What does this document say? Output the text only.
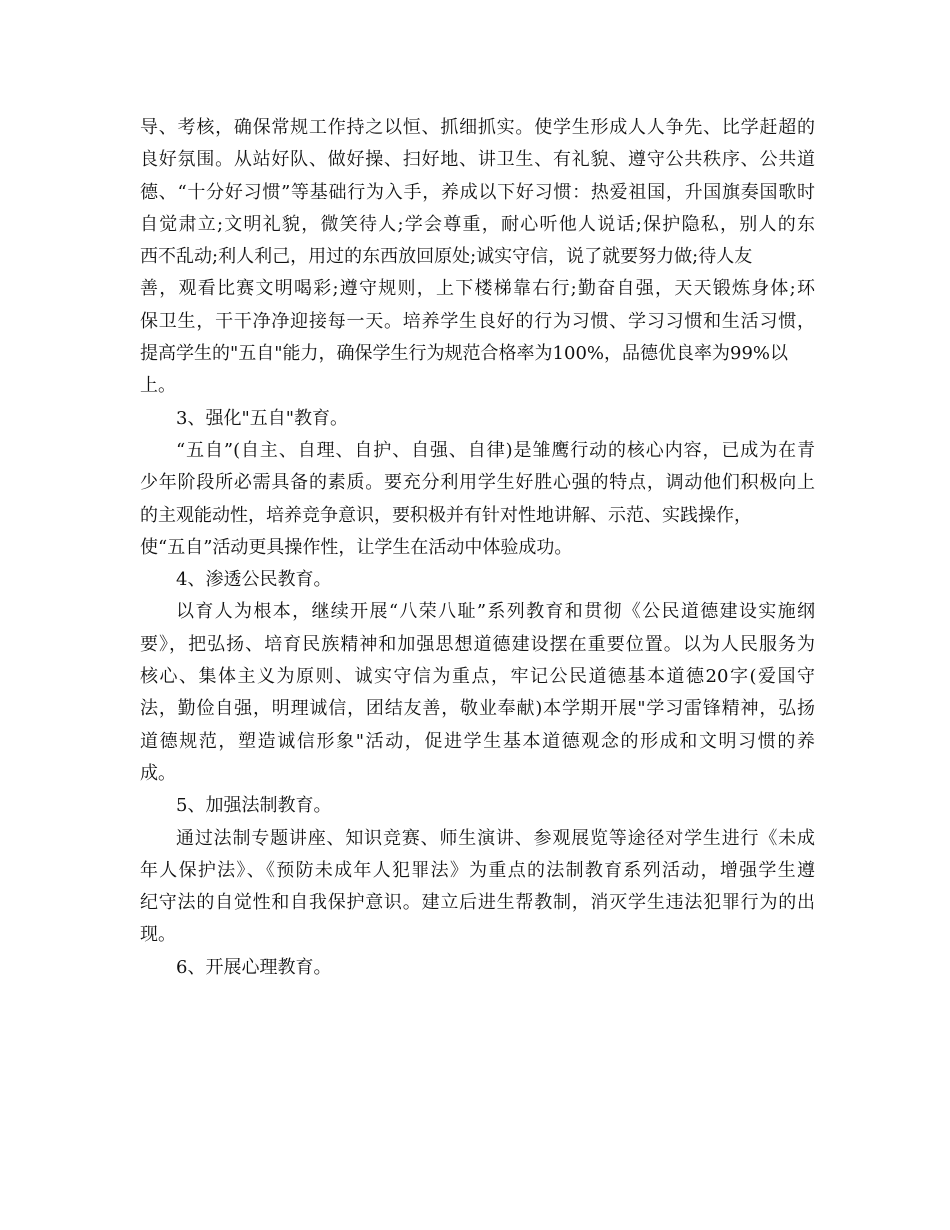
导、考核，确保常规工作持之以恒、抓细抓实。使学生形成人人争先、比学赶超的
良好氛围。从站好队、做好操、扫好地、讲卫生、有礼貌、遵守公共秩序、公共道
德、“十分好习惯”等基础行为入手，养成以下好习惯：热爱祖国，升国旗奏国歌时
自觉肃立;文明礼貌，微笑待人;学会尊重，耐心听他人说话;保护隐私，别人的东
西不乱动;利人利己，用过的东西放回原处;诚实守信，说了就要努力做;待人友
善，观看比赛文明喝彩;遵守规则，上下楼梯靠右行;勤奋自强，天天锻炼身体;环
保卫生，干干净净迎接每一天。培养学生良好的行为习惯、学习习惯和生活习惯，
提高学生的"五自"能力，确保学生行为规范合格率为100%，品德优良率为99%以
上。
3、强化"五自"教育。
“五自”(自主、自理、自护、自强、自律)是雏鹰行动的核心内容，已成为在青
少年阶段所必需具备的素质。要充分利用学生好胜心强的特点，调动他们积极向上
的主观能动性，培养竞争意识，要积极并有针对性地讲解、示范、实践操作，
使“五自”活动更具操作性，让学生在活动中体验成功。
4、渗透公民教育。
以育人为根本，继续开展“八荣八耻”系列教育和贯彻《公民道德建设实施纲
要》，把弘扬、培育民族精神和加强思想道德建设摆在重要位置。以为人民服务为
核心、集体主义为原则、诚实守信为重点，牢记公民道德基本道德20字(爱国守
法，勤俭自强，明理诚信，团结友善，敬业奉献)本学期开展"学习雷锋精神，弘扬
道德规范，塑造诚信形象"活动，促进学生基本道德观念的形成和文明习惯的养
成。
5、加强法制教育。
通过法制专题讲座、知识竞赛、师生演讲、参观展览等途径对学生进行《未成
年人保护法》、《预防未成年人犯罪法》为重点的法制教育系列活动，增强学生遵
纪守法的自觉性和自我保护意识。建立后进生帮教制，消灭学生违法犯罪行为的出
现。
6、开展心理教育。
